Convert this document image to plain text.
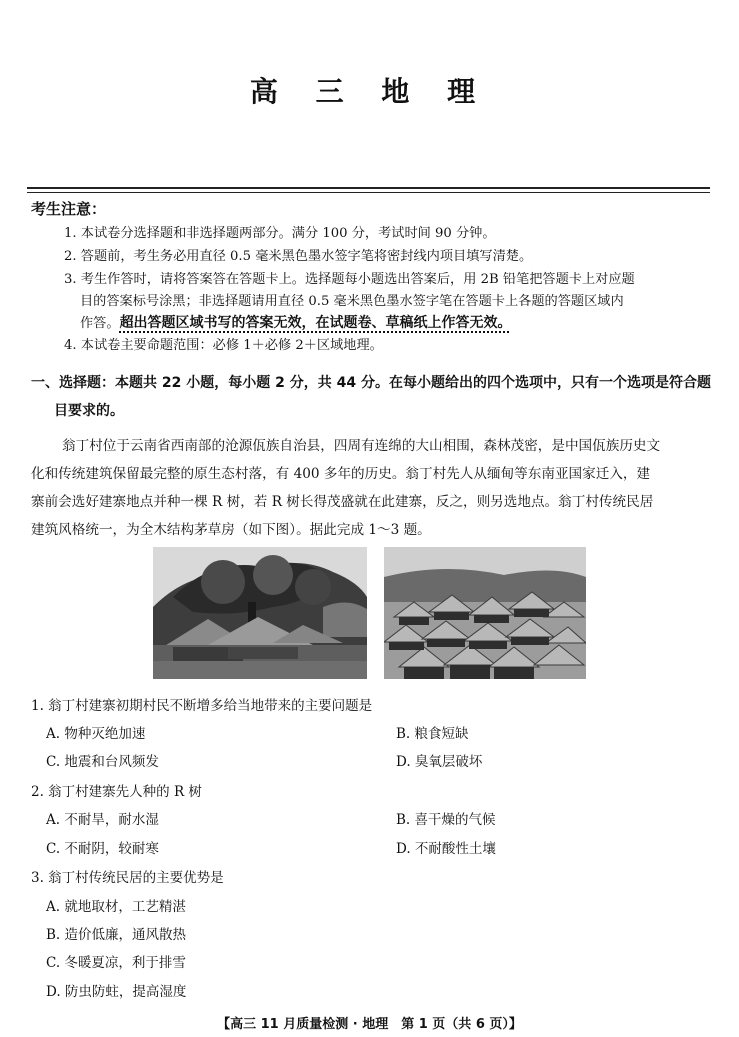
高 三 地 理
考生注意：
1. 本试卷分选择题和非选择题两部分。满分 100 分，考试时间 90 分钟。
2. 答题前，考生务必用直径 0.5 毫米黑色墨水签字笔将密封线内项目填写清楚。
3. 考生作答时，请将答案答在答题卡上。选择题每小题选出答案后，用 2B 铅笔把答题卡上对应题
目的答案标号涂黑；非选择题请用直径 0.5 毫米黑色墨水签字笔在答题卡上各题的答题区域内
作答。超出答题区域书写的答案无效，在试题卷、草稿纸上作答无效。
4. 本试卷主要命题范围：必修 1＋必修 2＋区域地理。
一、选择题：本题共 22 小题，每小题 2 分，共 44 分。在每小题给出的四个选项中，只有一个选项是符合题
目要求的。
翁丁村位于云南省西南部的沧源佤族自治县，四周有连绵的大山相围，森林茂密，是中国佤族历史文
化和传统建筑保留最完整的原生态村落，有 400 多年的历史。翁丁村先人从缅甸等东南亚国家迁入，建
寨前会选好建寨地点并种一棵 R 树，若 R 树长得茂盛就在此建寨，反之，则另选地点。翁丁村传统民居
建筑风格统一，为全木结构茅草房（如下图）。据此完成 1～3 题。
1. 翁丁村建寨初期村民不断增多给当地带来的主要问题是
A. 物种灭绝加速	B. 粮食短缺
C. 地震和台风频发	D. 臭氧层破坏
2. 翁丁村建寨先人种的 R 树
A. 不耐旱，耐水湿	B. 喜干燥的气候
C. 不耐阴，较耐寒	D. 不耐酸性土壤
3. 翁丁村传统民居的主要优势是
A. 就地取材，工艺精湛
B. 造价低廉，通风散热
C. 冬暖夏凉，利于排雪
D. 防虫防蛀，提高湿度
【高三 11 月质量检测 · 地理　第 1 页（共 6 页）】
